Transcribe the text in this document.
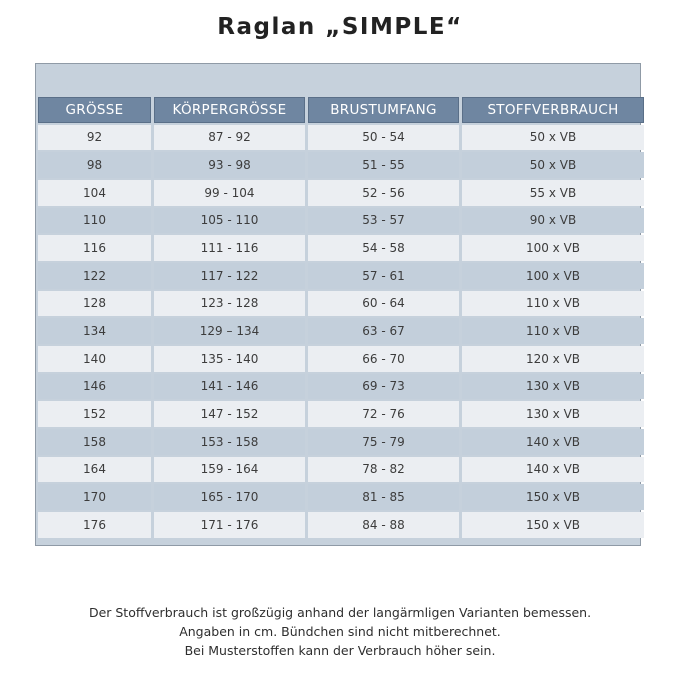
Raglan „SIMPLE“
GRÖSSE	KÖRPERGRÖSSE	BRUSTUMFANG	STOFFVERBRAUCH
92	87 - 92	50 - 54	50 x VB
98	93 - 98	51 - 55	50 x VB
104	99 - 104	52 - 56	55 x VB
110	105 - 110	53 - 57	90 x VB
116	111 - 116	54 - 58	100 x VB
122	117 - 122	57 - 61	100 x VB
128	123 - 128	60 - 64	110 x VB
134	129 – 134	63 - 67	110 x VB
140	135 - 140	66 - 70	120 x VB
146	141 - 146	69 - 73	130 x VB
152	147 - 152	72 - 76	130 x VB
158	153 - 158	75 - 79	140 x VB
164	159 - 164	78 - 82	140 x VB
170	165 - 170	81 - 85	150 x VB
176	171 - 176	84 - 88	150 x VB
Der Stoffverbrauch ist großzügig anhand der langärmligen Varianten bemessen.
Angaben in cm. Bündchen sind nicht mitberechnet.
Bei Musterstoffen kann der Verbrauch höher sein.
